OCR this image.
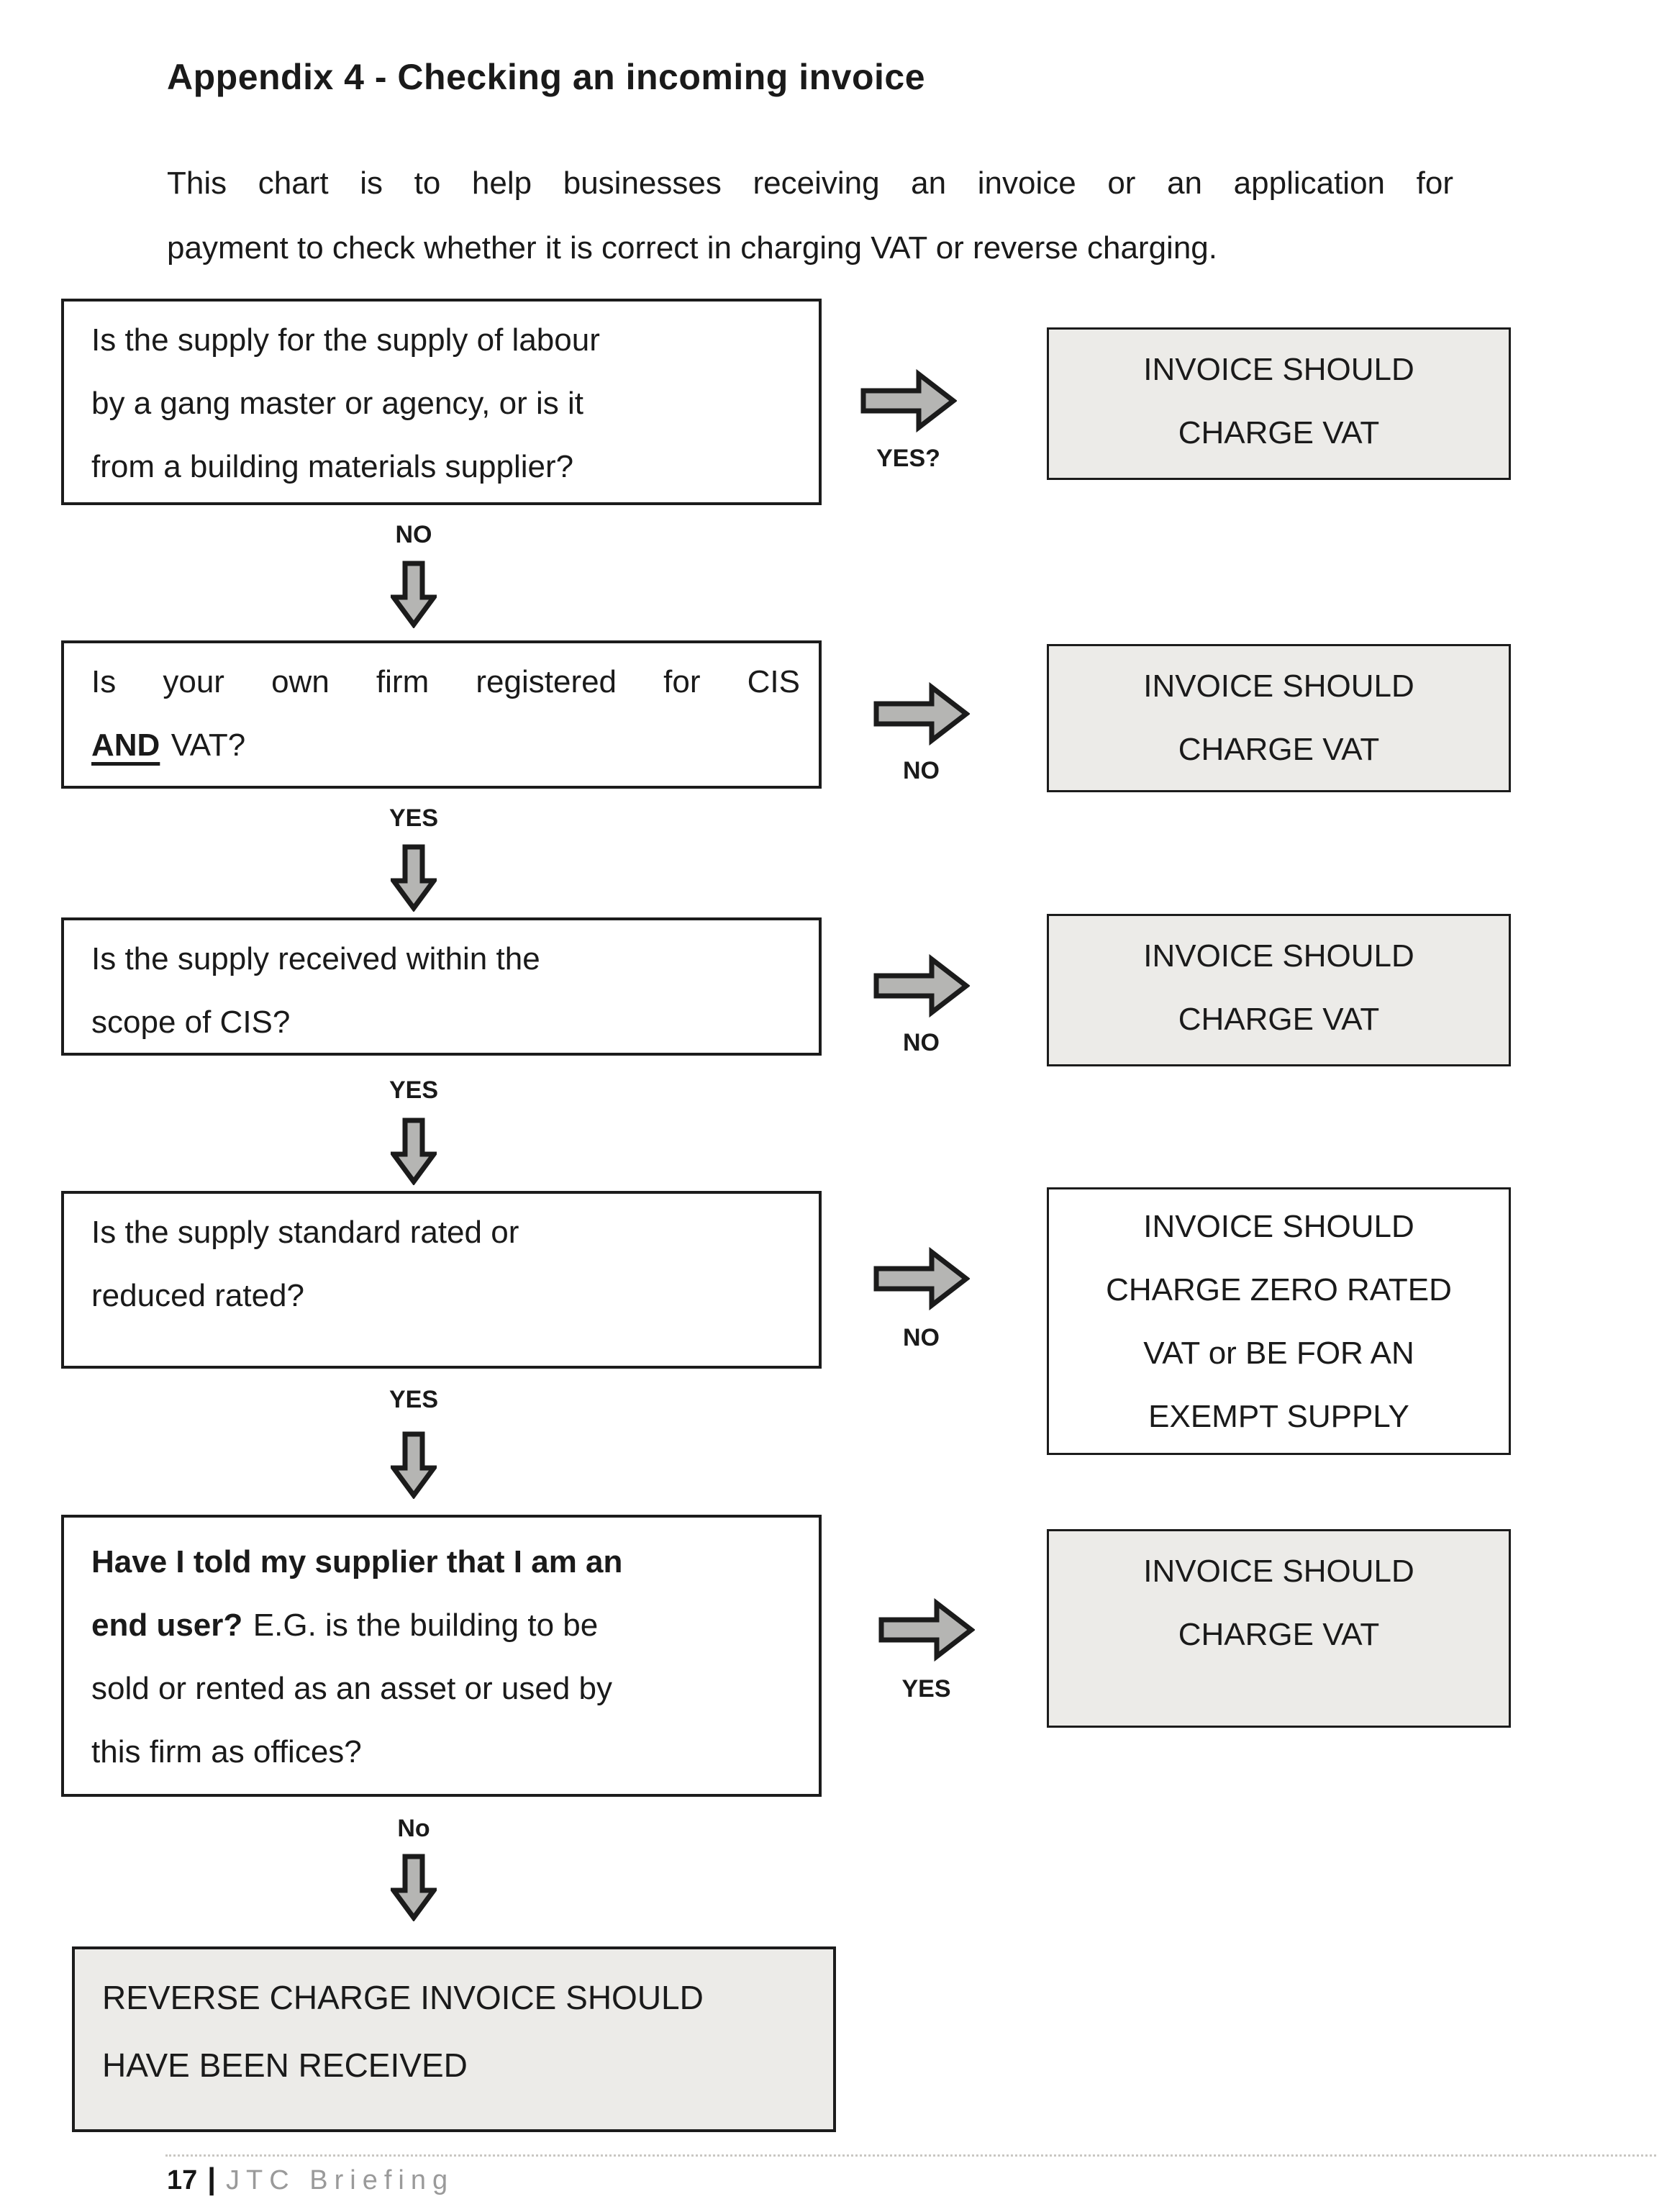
Appendix 4 - Checking an incoming invoice
This chart is to help businesses receiving an invoice or an application for
payment to check whether it is correct in charging VAT or reverse charging.
Is the supply for the supply of labour
by a gang master or agency, or is it
from a building materials supplier?	YES?
INVOICE SHOULD
CHARGE VAT
NO
Is your own firm registered for CIS
AND VAT?
NO
INVOICE SHOULD
CHARGE VAT
YES
Is the supply received within the
scope of CIS?
NO
INVOICE SHOULD
CHARGE VAT
YES
Is the supply standard rated or
reduced rated?
NO
INVOICE SHOULD
CHARGE ZERO RATED
VAT or BE FOR AN
EXEMPT SUPPLY
YES
Have I told my supplier that I am an
end user? E.G. is the building to be
sold or rented as an asset or used by
this firm as offices?
YES
INVOICE SHOULD
CHARGE VAT
No
REVERSE CHARGE INVOICE SHOULD
HAVE BEEN RECEIVED
17 | JTC Briefing
